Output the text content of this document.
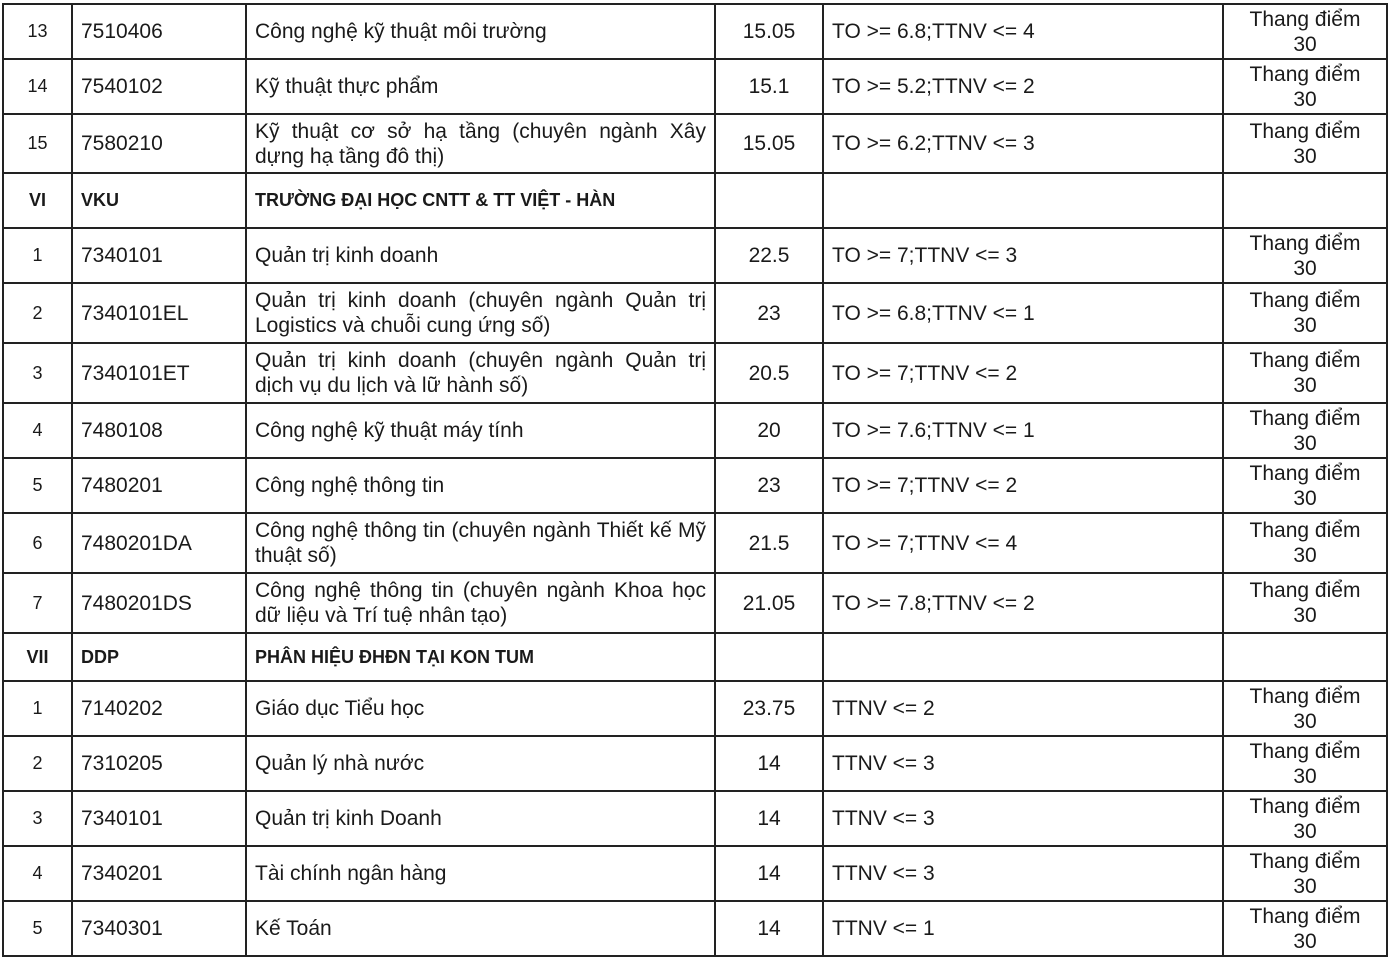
13	7510406	Công nghệ kỹ thuật môi trường	15.05	TO >= 6.8;TTNV <= 4	Thang điểm
30

14	7540102	Kỹ thuật thực phẩm	15.1	TO >= 5.2;TTNV <= 2	Thang điểm
30

15	7580210	Kỹ thuật cơ sở hạ tầng (chuyên ngành Xây dựng hạ tầng đô thị)	15.05	TO >= 6.2;TTNV <= 3	Thang điểm
30

VI	VKU	TRƯỜNG ĐẠI HỌC CNTT & TT VIỆT - HÀN			
1	7340101	Quản trị kinh doanh	22.5	TO >= 7;TTNV <= 3	Thang điểm
30

2	7340101EL	Quản trị kinh doanh (chuyên ngành Quản trị Logistics và chuỗi cung ứng số)	23	TO >= 6.8;TTNV <= 1	Thang điểm
30

3	7340101ET	Quản trị kinh doanh (chuyên ngành Quản trị dịch vụ du lịch và lữ hành số)	20.5	TO >= 7;TTNV <= 2	Thang điểm
30

4	7480108	Công nghệ kỹ thuật máy tính	20	TO >= 7.6;TTNV <= 1	Thang điểm
30

5	7480201	Công nghệ thông tin	23	TO >= 7;TTNV <= 2	Thang điểm
30

6	7480201DA	Công nghệ thông tin (chuyên ngành Thiết kế Mỹ thuật số)	21.5	TO >= 7;TTNV <= 4	Thang điểm
30

7	7480201DS	Công nghệ thông tin (chuyên ngành Khoa học dữ liệu và Trí tuệ nhân tạo)	21.05	TO >= 7.8;TTNV <= 2	Thang điểm
30

VII	DDP	PHÂN HIỆU ĐHĐN TẠI KON TUM			
1	7140202	Giáo dục Tiểu học	23.75	TTNV <= 2	Thang điểm
30

2	7310205	Quản lý nhà nước	14	TTNV <= 3	Thang điểm
30

3	7340101	Quản trị kinh Doanh	14	TTNV <= 3	Thang điểm
30

4	7340201	Tài chính ngân hàng	14	TTNV <= 3	Thang điểm
30

5	7340301	Kế Toán	14	TTNV <= 1	Thang điểm
30
